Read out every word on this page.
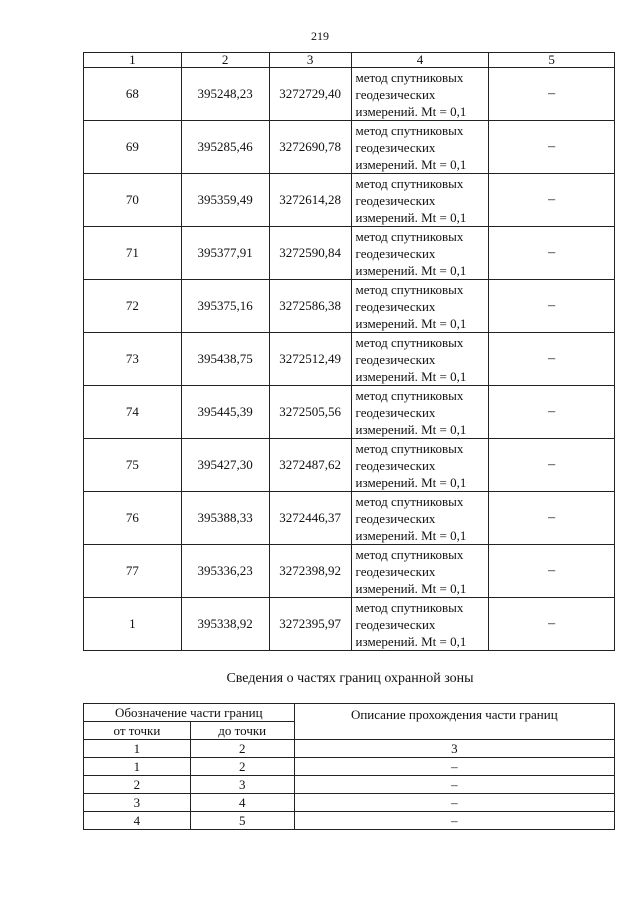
219
1	2	3	4	5
68	395248,23	3272729,40	метод спутниковых
геодезических
измерений. Mt = 0,1	–
69	395285,46	3272690,78	метод спутниковых
геодезических
измерений. Mt = 0,1	–
70	395359,49	3272614,28	метод спутниковых
геодезических
измерений. Mt = 0,1	–
71	395377,91	3272590,84	метод спутниковых
геодезических
измерений. Mt = 0,1	–
72	395375,16	3272586,38	метод спутниковых
геодезических
измерений. Mt = 0,1	–
73	395438,75	3272512,49	метод спутниковых
геодезических
измерений. Mt = 0,1	–
74	395445,39	3272505,56	метод спутниковых
геодезических
измерений. Mt = 0,1	–
75	395427,30	3272487,62	метод спутниковых
геодезических
измерений. Mt = 0,1	–
76	395388,33	3272446,37	метод спутниковых
геодезических
измерений. Mt = 0,1	–
77	395336,23	3272398,92	метод спутниковых
геодезических
измерений. Mt = 0,1	–
1	395338,92	3272395,97	метод спутниковых
геодезических
измерений. Mt = 0,1	–
Сведения о частях границ охранной зоны
Обозначение части границ		Описание прохождения части границ
от точки	до точки	
1	2	3
1	2	–
2	3	–
3	4	–
4	5	–
